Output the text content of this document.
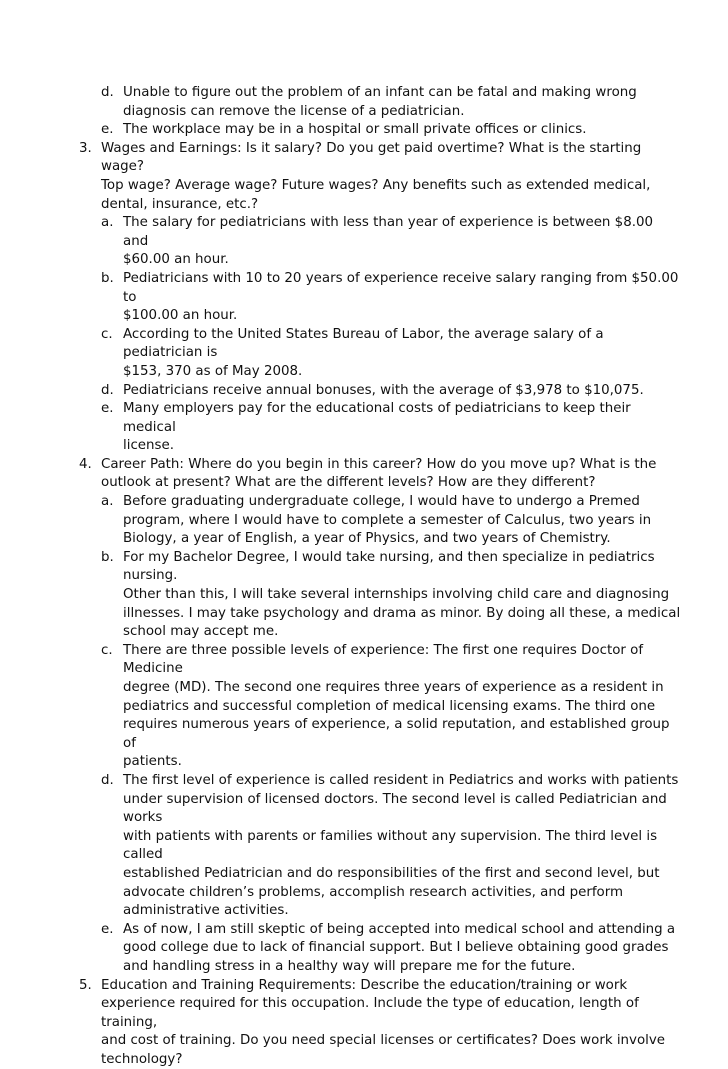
d. Unable to figure out the problem of an infant can be fatal and making wrong
diagnosis can remove the license of a pediatrician.
e. The workplace may be in a hospital or small private offices or clinics.
3. Wages and Earnings: Is it salary? Do you get paid overtime? What is the starting wage?
Top wage? Average wage? Future wages? Any benefits such as extended medical,
dental, insurance, etc.?
a. The salary for pediatricians with less than year of experience is between $8.00 and
$60.00 an hour.
b. Pediatricians with 10 to 20 years of experience receive salary ranging from $50.00 to
$100.00 an hour.
c. According to the United States Bureau of Labor, the average salary of a pediatrician is
$153, 370 as of May 2008.
d. Pediatricians receive annual bonuses, with the average of $3,978 to $10,075.
e. Many employers pay for the educational costs of pediatricians to keep their medical
license.
4. Career Path: Where do you begin in this career? How do you move up? What is the
outlook at present? What are the different levels? How are they different?
a. Before graduating undergraduate college, I would have to undergo a Premed
program, where I would have to complete a semester of Calculus, two years in
Biology, a year of English, a year of Physics, and two years of Chemistry.
b. For my Bachelor Degree, I would take nursing, and then specialize in pediatrics nursing.
Other than this, I will take several internships involving child care and diagnosing
illnesses. I may take psychology and drama as minor. By doing all these, a medical
school may accept me.
c. There are three possible levels of experience: The first one requires Doctor of Medicine
degree (MD). The second one requires three years of experience as a resident in
pediatrics and successful completion of medical licensing exams. The third one
requires numerous years of experience, a solid reputation, and established group of
patients.
d. The first level of experience is called resident in Pediatrics and works with patients
under supervision of licensed doctors. The second level is called Pediatrician and works
with patients with parents or families without any supervision. The third level is called
established Pediatrician and do responsibilities of the first and second level, but
advocate children’s problems, accomplish research activities, and perform
administrative activities.
e. As of now, I am still skeptic of being accepted into medical school and attending a
good college due to lack of financial support. But I believe obtaining good grades
and handling stress in a healthy way will prepare me for the future.
5. Education and Training Requirements: Describe the education/training or work
experience required for this occupation. Include the type of education, length of training,
and cost of training. Do you need special licenses or certificates? Does work involve
technology?
